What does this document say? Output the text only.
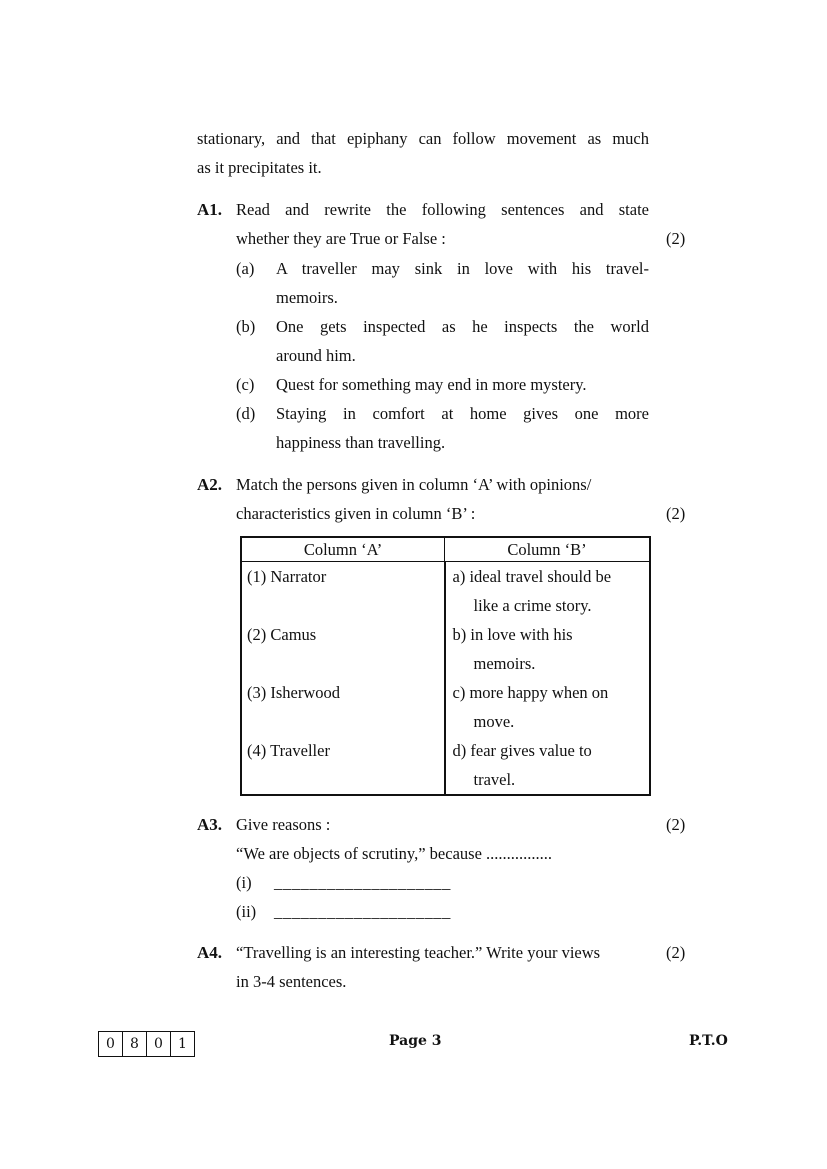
stationary, and that epiphany can follow movement as much
as it precipitates it.
A1. Read and rewrite the following sentences and state
whether they are True or False :	(2)
(a) A traveller may sink in love with his travel-
memoirs.
(b) One gets inspected as he inspects the world
around him.
(c) Quest for something may end in more mystery.
(d) Staying in comfort at home gives one more
happiness than travelling.
A2. Match the persons given in column ‘A’ with opinions/
characteristics given in column ‘B’ :	(2)
Column ‘A’	Column ‘B’
(1) Narrator	a) ideal travel should be
like a crime story.

(2) Camus	b) in love with his
memoirs.

(3) Isherwood	c) more happy when on
move.

(4) Traveller	d) fear gives value to
travel.
A3. Give reasons :	(2)
“We are objects of scrutiny,” because ................
(i) ____________________
(ii) ____________________
A4. “Travelling is an interesting teacher.” Write your views	(2)
in 3-4 sentences.
0	8	0	1	Page 3	P.T.O
